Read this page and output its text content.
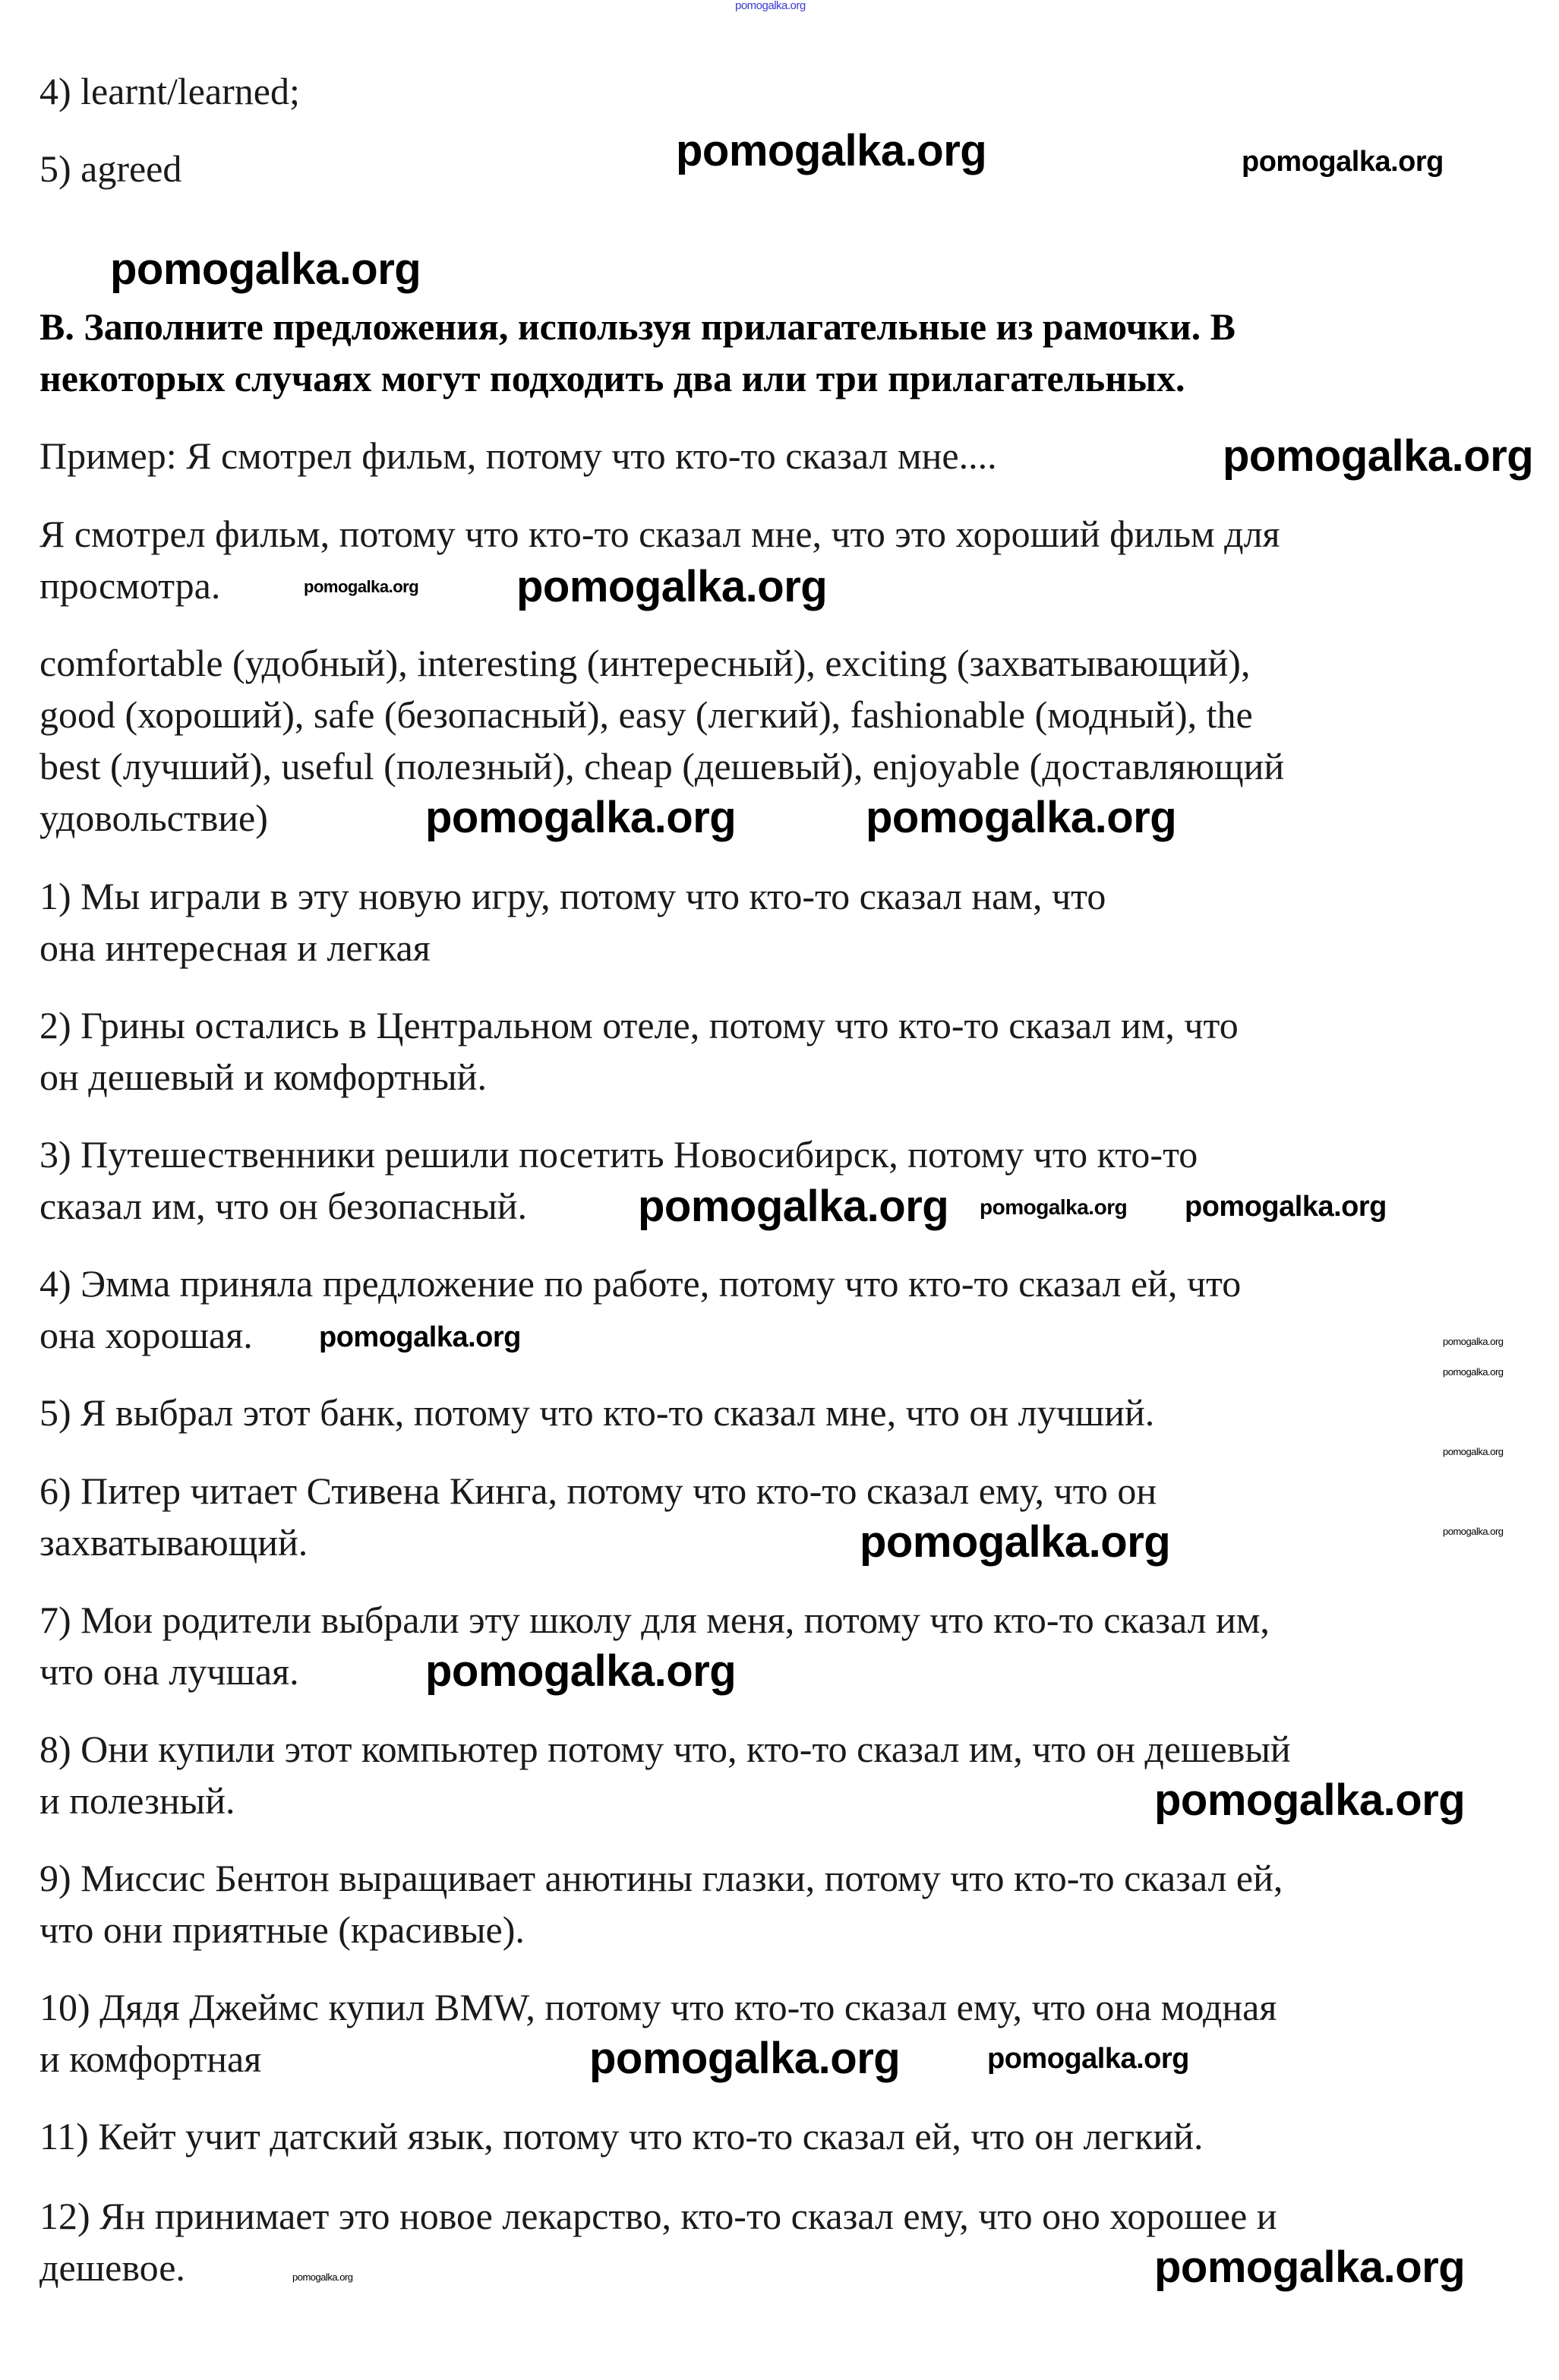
4) learnt/learned;
5) agreed
B. Заполните предложения, используя прилагательные из рамочки. B
некоторых случаях могут подходить два или три прилагательных.
Пример: Я смотрел фильм, потому что кто-то сказал мне....
Я смотрел фильм, потому что кто-то сказал мне, что это хороший фильм для
просмотра.
comfortable (удобный), interesting (интересный), exciting (захватывающий),
good (хороший), safe (безопасный), easy (легкий), fashionable (модный), the
best (лучший), useful (полезный), cheap (дешевый), enjoyable (доставляющий
удовольствие)
1) Мы играли в эту новую игру, потому что кто-то сказал нам, что
она интересная и легкая
2) Грины остались в Центральном отеле, потому что кто-то сказал им, что
он дешевый и комфортный.
3) Путешественники решили посетить Новосибирск, потому что кто-то
сказал им, что он безопасный.
4) Эмма приняла предложение по работе, потому что кто-то сказал ей, что
она хорошая.
5) Я выбрал этот банк, потому что кто-то сказал мне, что он лучший.
6) Питер читает Стивена Кинга, потому что кто-то сказал ему, что он
захватывающий.
7) Мои родители выбрали эту школу для меня, потому что кто-то сказал им,
что она лучшая.
8) Они купили этот компьютер потому что, кто-то сказал им, что он дешевый
и полезный.
9) Миссис Бентон выращивает анютины глазки, потому что кто-то сказал ей,
что они приятные (красивые).
10) Дядя Джеймс купил BMW, потому что кто-то сказал ему, что она модная
и комфортная
11) Кейт учит датский язык, потому что кто-то сказал ей, что он легкий.
12) Ян принимает это новое лекарство, кто-то сказал ему, что оно хорошее и
дешевое.
pomogalka.org
pomogalka.org	pomogalka.org
pomogalka.org
pomogalka.org
pomogalka.org pomogalka.org
pomogalka.org	pomogalka.org
pomogalka.org
pomogalka.org	pomogalka.org
pomogalka.org	pomogalka.org
pomogalka.org
pomogalka.org
pomogalka.org
pomogalka.org
pomogalka.org
pomogalka.org
pomogalka.org	pomogalka.org
pomogalka.org
pomogalka.org
